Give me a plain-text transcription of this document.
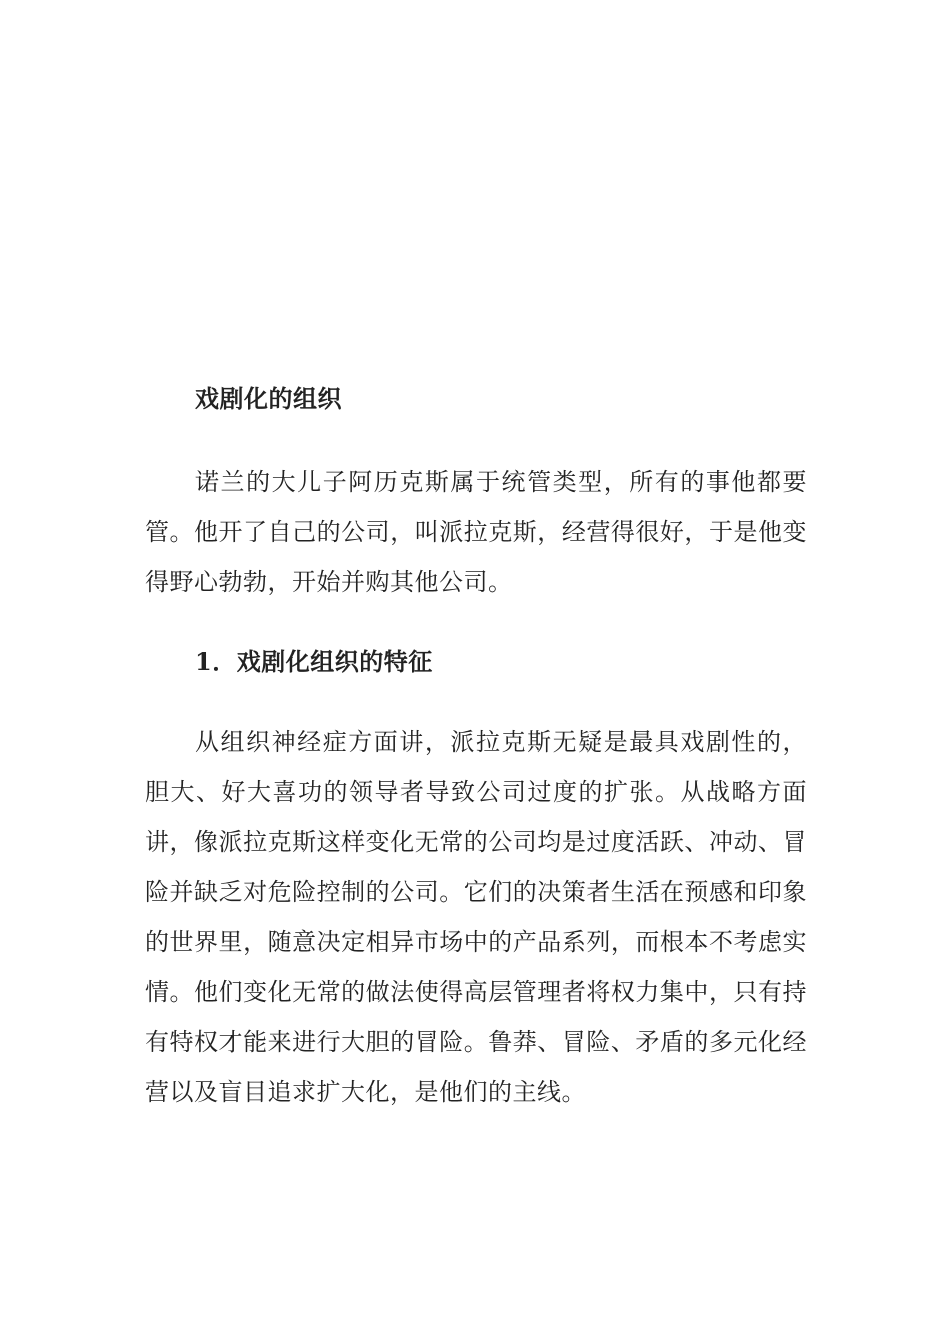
戏剧化的组织

诺兰的大儿子阿历克斯属于统管类型，所有的事他都要管。他开了自己的公司，叫派拉克斯，经营得很好，于是他变得野心勃勃，开始并购其他公司。

1．戏剧化组织的特征

从组织神经症方面讲，派拉克斯无疑是最具戏剧性的，胆大、好大喜功的领导者导致公司过度的扩张。从战略方面讲，像派拉克斯这样变化无常的公司均是过度活跃、冲动、冒险并缺乏对危险控制的公司。它们的决策者生活在预感和印象的世界里，随意决定相异市场中的产品系列，而根本不考虑实情。他们变化无常的做法使得高层管理者将权力集中，只有持有特权才能来进行大胆的冒险。鲁莽、冒险、矛盾的多元化经营以及盲目追求扩大化，是他们的主线。
